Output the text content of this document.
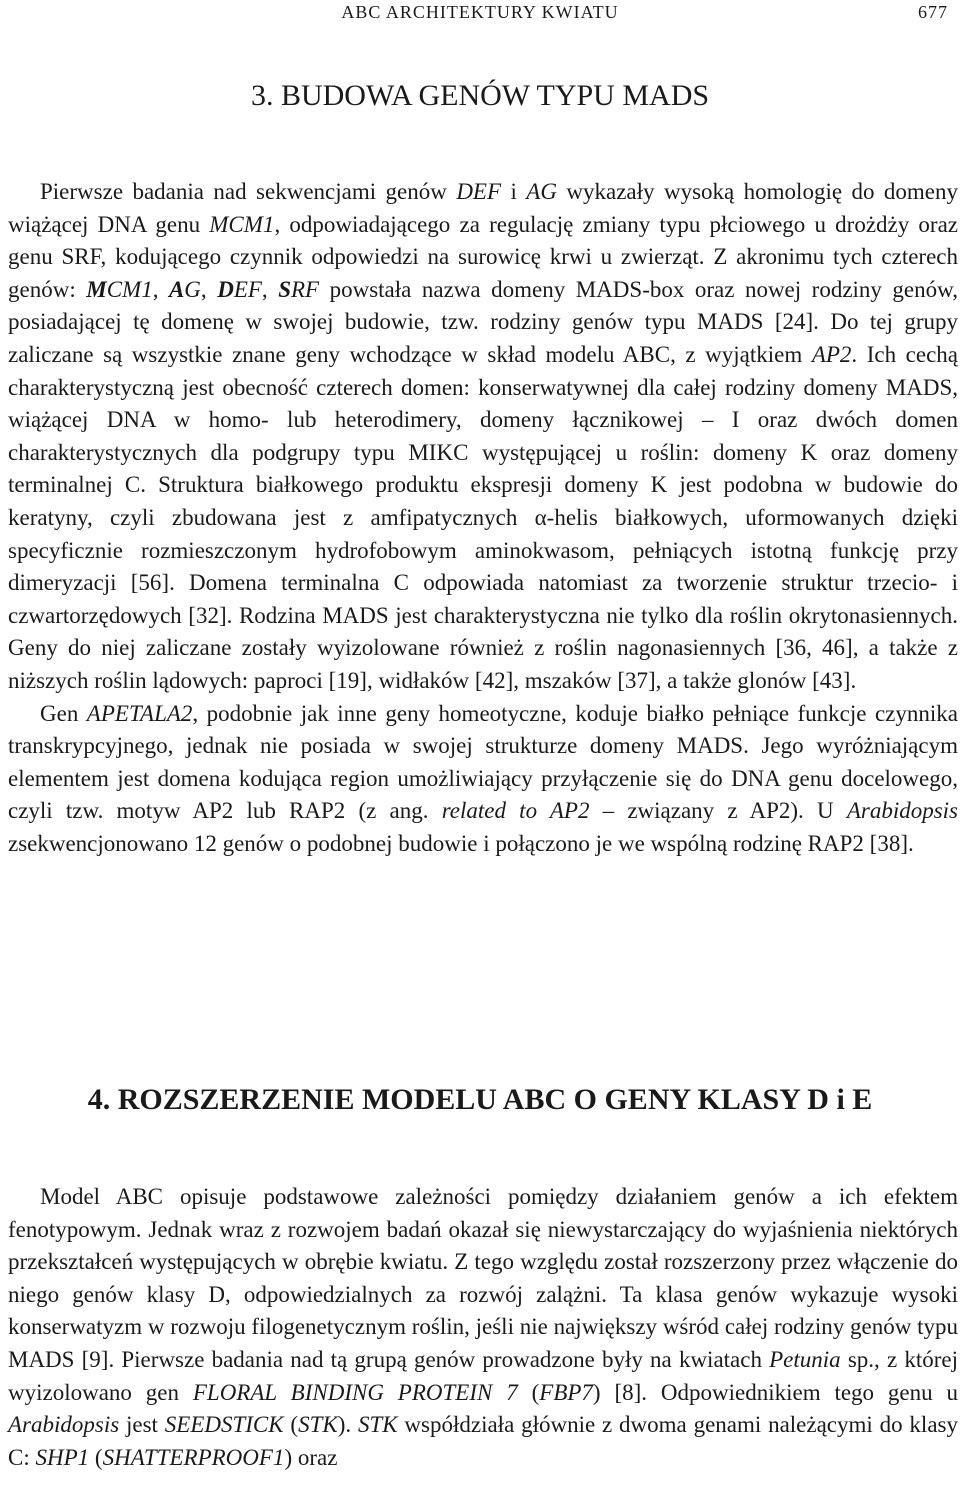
ABC ARCHITEKTURY KWIATU	677
3. BUDOWA GENÓW TYPU MADS

Pierwsze badania nad sekwencjami genów DEF i AG wykazały wysoką homologię do domeny wiążącej DNA genu MCM1, odpowiadającego za regulację zmiany typu płciowego u drożdży oraz genu SRF, kodującego czynnik odpowiedzi na surowicę krwi u zwierząt. Z akronimu tych czterech genów: MCM1, AG, DEF, SRF powstała nazwa domeny MADS-box oraz nowej rodziny genów, posiadającej tę domenę w swojej budowie, tzw. rodziny genów typu MADS [24]. Do tej grupy zaliczane są wszystkie znane geny wchodzące w skład modelu ABC, z wyjątkiem AP2. Ich cechą charakterystyczną jest obecność czterech domen: konserwatywnej dla całej rodziny domeny MADS, wiążącej DNA w homo- lub heterodimery, domeny łącznikowej – I oraz dwóch domen charakterystycznych dla podgrupy typu MIKC występującej u roślin: domeny K oraz domeny terminalnej C. Struktura białkowego produktu ekspresji domeny K jest podobna w budowie do keratyny, czyli zbudowana jest z amfipatycznych α-helis białkowych, uformowanych dzięki specyficznie rozmieszczonym hydrofobowym aminokwasom, pełniących istotną funkcję przy dimeryzacji [56]. Domena terminalna C odpowiada natomiast za tworzenie struktur trzecio- i czwartorzędowych [32]. Rodzina MADS jest charakterystyczna nie tylko dla roślin okrytonasiennych. Geny do niej zaliczane zostały wyizolowane również z roślin nagonasiennych [36, 46], a także z niższych roślin lądowych: paproci [19], widłaków [42], mszaków [37], a także glonów [43].

Gen APETALA2, podobnie jak inne geny homeotyczne, koduje białko pełniące funkcje czynnika transkrypcyjnego, jednak nie posiada w swojej strukturze domeny MADS. Jego wyróżniającym elementem jest domena kodująca region umożliwiający przyłączenie się do DNA genu docelowego, czyli tzw. motyw AP2 lub RAP2 (z ang. related to AP2 – związany z AP2). U Arabidopsis zsekwencjonowano 12 genów o podobnej budowie i połączono je we wspólną rodzinę RAP2 [38].

4. ROZSZERZENIE MODELU ABC O GENY KLASY D i E

Model ABC opisuje podstawowe zależności pomiędzy działaniem genów a ich efektem fenotypowym. Jednak wraz z rozwojem badań okazał się niewystarczający do wyjaśnienia niektórych przekształceń występujących w obrębie kwiatu. Z tego względu został rozszerzony przez włączenie do niego genów klasy D, odpowiedzialnych za rozwój zalążni. Ta klasa genów wykazuje wysoki konserwatyzm w rozwoju filogenetycznym roślin, jeśli nie największy wśród całej rodziny genów typu MADS [9]. Pierwsze badania nad tą grupą genów prowadzone były na kwiatach Petunia sp., z której wyizolowano gen FLORAL BINDING PROTEIN 7 (FBP7) [8]. Odpowiednikiem tego genu u Arabidopsis jest SEEDSTICK (STK). STK współdziała głównie z dwoma genami należącymi do klasy C: SHP1 (SHATTERPROOF1) oraz
